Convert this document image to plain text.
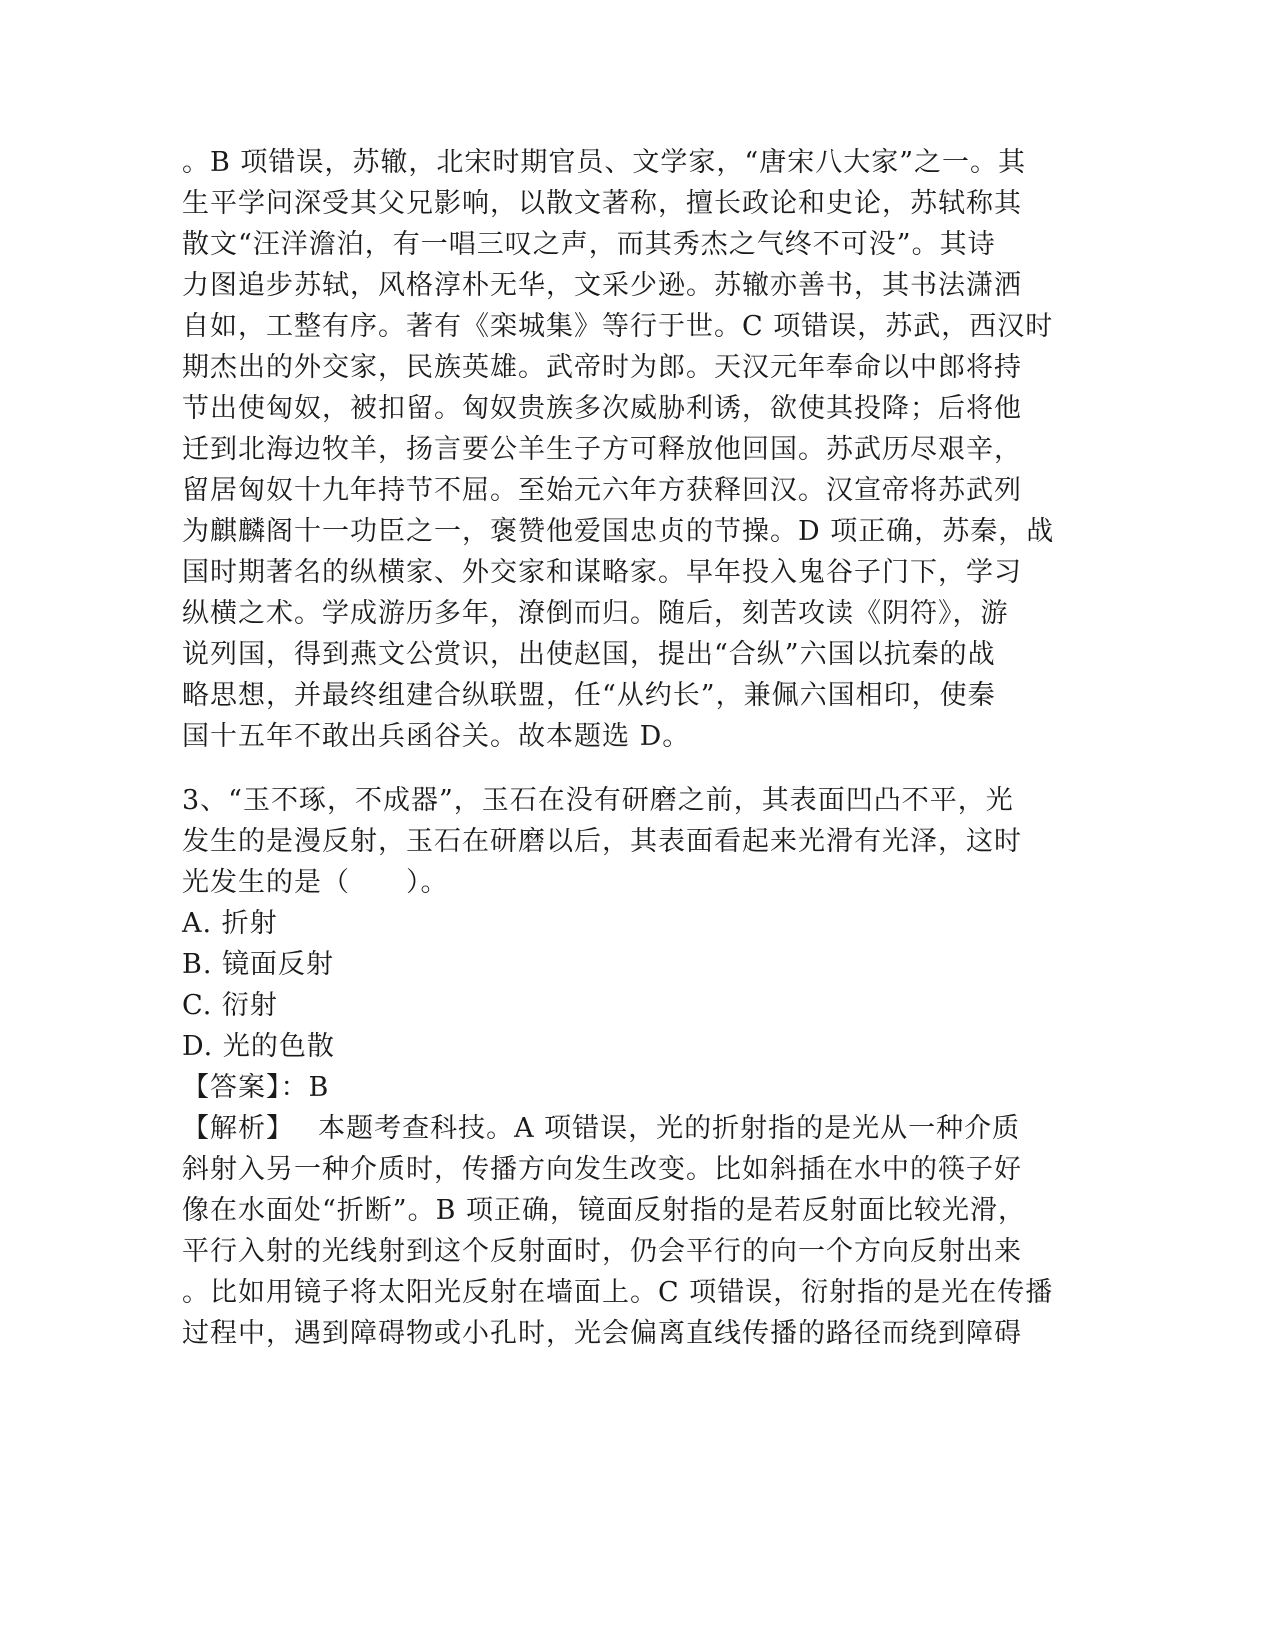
。B 项错误，苏辙，北宋时期官员、文学家，“唐宋八大家”之一。其
生平学问深受其父兄影响，以散文著称，擅长政论和史论，苏轼称其
散文“汪洋澹泊，有一唱三叹之声，而其秀杰之气终不可没”。其诗
力图追步苏轼，风格淳朴无华，文采少逊。苏辙亦善书，其书法潇洒
自如，工整有序。著有《栾城集》等行于世。C 项错误，苏武，西汉时
期杰出的外交家，民族英雄。武帝时为郎。天汉元年奉命以中郎将持
节出使匈奴，被扣留。匈奴贵族多次威胁利诱，欲使其投降；后将他
迁到北海边牧羊，扬言要公羊生子方可释放他回国。苏武历尽艰辛，
留居匈奴十九年持节不屈。至始元六年方获释回汉。汉宣帝将苏武列
为麒麟阁十一功臣之一，褒赞他爱国忠贞的节操。D 项正确，苏秦，战
国时期著名的纵横家、外交家和谋略家。早年投入鬼谷子门下，学习
纵横之术。学成游历多年，潦倒而归。随后，刻苦攻读《阴符》，游
说列国，得到燕文公赏识，出使赵国，提出“合纵”六国以抗秦的战
略思想，并最终组建合纵联盟，任“从约长”，兼佩六国相印，使秦
国十五年不敢出兵函谷关。故本题选 D。
3、“玉不琢，不成器”，玉石在没有研磨之前，其表面凹凸不平，光
发生的是漫反射，玉石在研磨以后，其表面看起来光滑有光泽，这时
光发生的是（　　）。
A. 折射
B. 镜面反射
C. 衍射
D. 光的色散
【答案】：B
【解析】　 本题考查科技。A 项错误，光的折射指的是光从一种介质
斜射入另一种介质时，传播方向发生改变。比如斜插在水中的筷子好
像在水面处“折断”。B 项正确，镜面反射指的是若反射面比较光滑，
平行入射的光线射到这个反射面时，仍会平行的向一个方向反射出来
。比如用镜子将太阳光反射在墙面上。C 项错误，衍射指的是光在传播
过程中，遇到障碍物或小孔时，光会偏离直线传播的路径而绕到障碍
